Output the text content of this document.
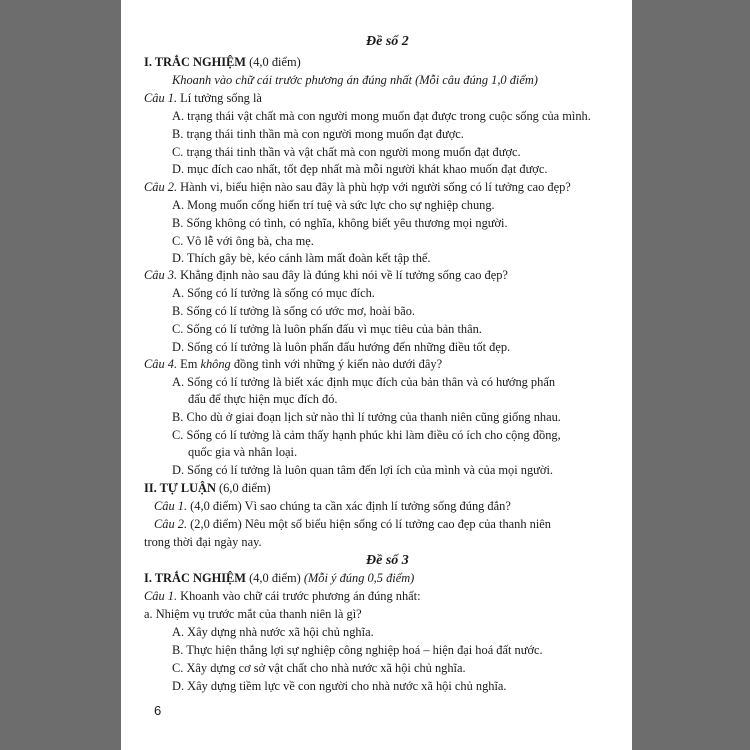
Đề số 2
I. TRẮC NGHIỆM (4,0 điểm)
Khoanh vào chữ cái trước phương án đúng nhất (Mỗi câu đúng 1,0 điểm)
Câu 1. Lí tưởng sống là
A. trạng thái vật chất mà con người mong muốn đạt được trong cuộc sống của mình.
B. trạng thái tinh thần mà con người mong muốn đạt được.
C. trạng thái tinh thần và vật chất mà con người mong muốn đạt được.
D. mục đích cao nhất, tốt đẹp nhất mà mỗi người khát khao muốn đạt được.
Câu 2. Hành vi, biểu hiện nào sau đây là phù hợp với người sống có lí tưởng cao đẹp?
A. Mong muốn cống hiến trí tuệ và sức lực cho sự nghiệp chung.
B. Sống không có tình, có nghĩa, không biết yêu thương mọi người.
C. Vô lễ với ông bà, cha mẹ.
D. Thích gây bè, kéo cánh làm mất đoàn kết tập thể.
Câu 3. Khẳng định nào sau đây là đúng khi nói về lí tưởng sống cao đẹp?
A. Sống có lí tưởng là sống có mục đích.
B. Sống có lí tưởng là sống có ước mơ, hoài bão.
C. Sống có lí tưởng là luôn phấn đấu vì mục tiêu của bản thân.
D. Sống có lí tưởng là luôn phấn đấu hướng đến những điều tốt đẹp.
Câu 4. Em không đồng tình với những ý kiến nào dưới đây?
A. Sống có lí tưởng là biết xác định mục đích của bản thân và có hướng phấn
đấu để thực hiện mục đích đó.
B. Cho dù ở giai đoạn lịch sử nào thì lí tưởng của thanh niên cũng giống nhau.
C. Sống có lí tưởng là cảm thấy hạnh phúc khi làm điều có ích cho cộng đồng,
quốc gia và nhân loại.
D. Sống có lí tưởng là luôn quan tâm đến lợi ích của mình và của mọi người.
II. TỰ LUẬN (6,0 điểm)
Câu 1. (4,0 điểm) Vì sao chúng ta cần xác định lí tưởng sống đúng đắn?
Câu 2. (2,0 điểm) Nêu một số biểu hiện sống có lí tưởng cao đẹp của thanh niên
trong thời đại ngày nay.
Đề số 3
I. TRẮC NGHIỆM (4,0 điểm) (Mỗi ý đúng 0,5 điểm)
Câu 1. Khoanh vào chữ cái trước phương án đúng nhất:
a. Nhiệm vụ trước mắt của thanh niên là gì?
A. Xây dựng nhà nước xã hội chủ nghĩa.
B. Thực hiện thắng lợi sự nghiệp công nghiệp hoá – hiện đại hoá đất nước.
C. Xây dựng cơ sở vật chất cho nhà nước xã hội chủ nghĩa.
D. Xây dựng tiềm lực về con người cho nhà nước xã hội chủ nghĩa.
6
